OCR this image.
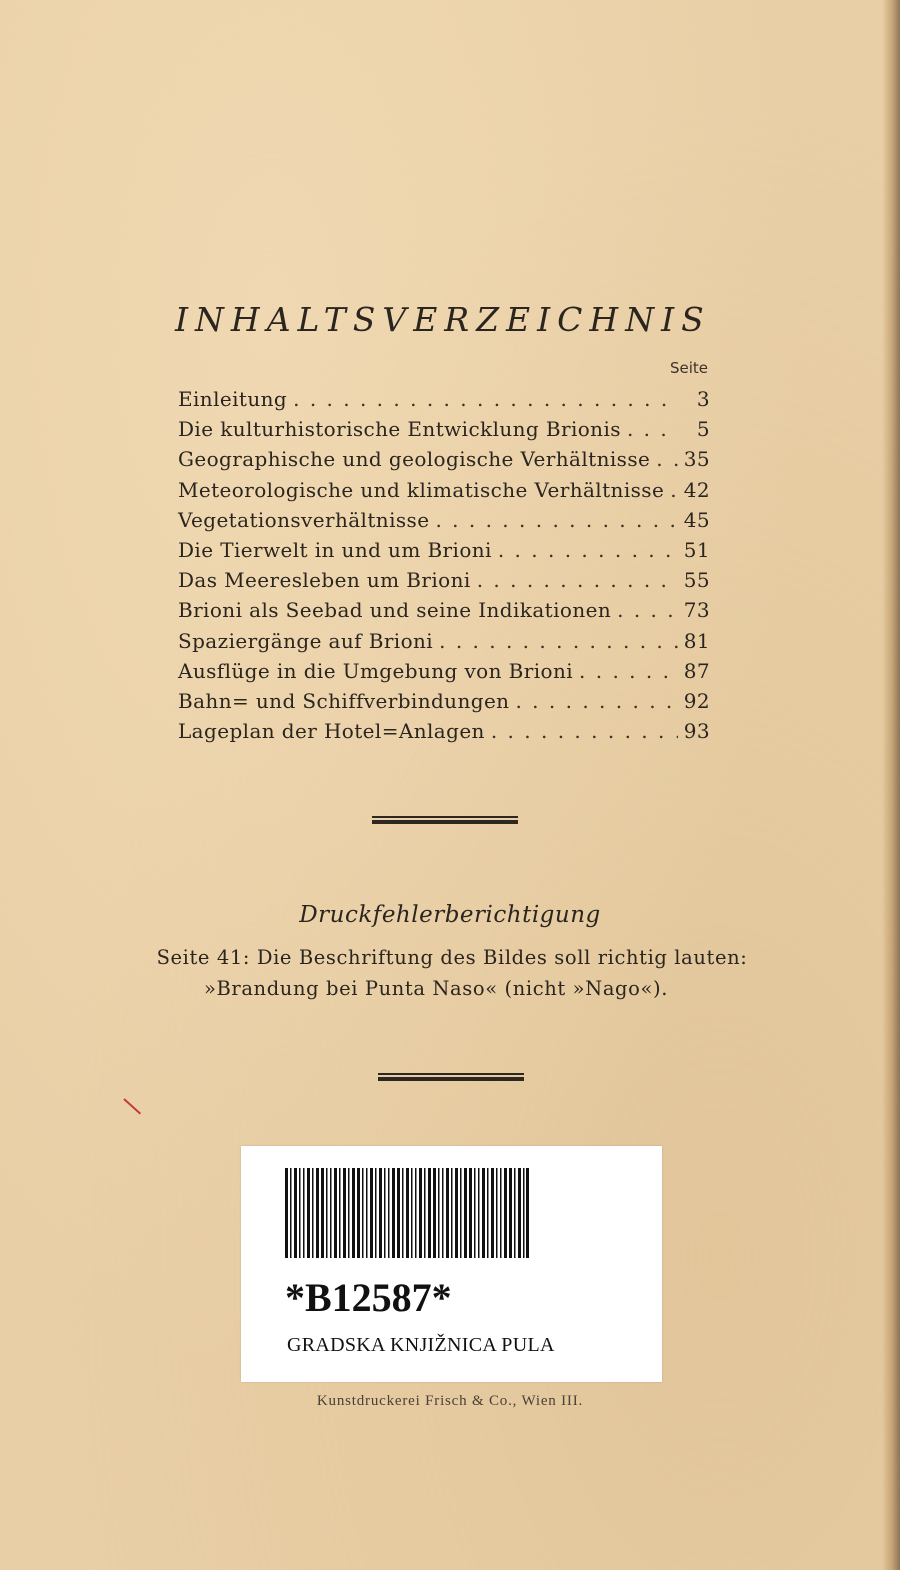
INHALTSVERZEICHNIS
Seite
Einleitung . . .	3
Die kulturhistorische Entwicklung Brionis . . .	5
Geographische und geologische Verhältnisse . . . 35
Meteorologische und klimatische Verhältnisse . . . 42
Vegetationsverhältnisse . . .	45
Die Tierwelt in und um Brioni . . .	51
Das Meeresleben um Brioni . . .	55
Brioni als Seebad und seine Indikationen . . .	73
Spaziergänge auf Brioni . . .	81
Ausflüge in die Umgebung von Brioni . . .	87
Bahn= und Schiffverbindungen . . .	92
Lageplan der Hotel=Anlagen . . .	93
Druckfehlerberichtigung
Seite 41: Die Beschriftung des Bildes soll richtig lauten:
»Brandung bei Punta Naso« (nicht »Nago«).
*B12587*
GRADSKA KNJIŽNICA PULA
Kunstdruckerei Frisch & Co., Wien III.
